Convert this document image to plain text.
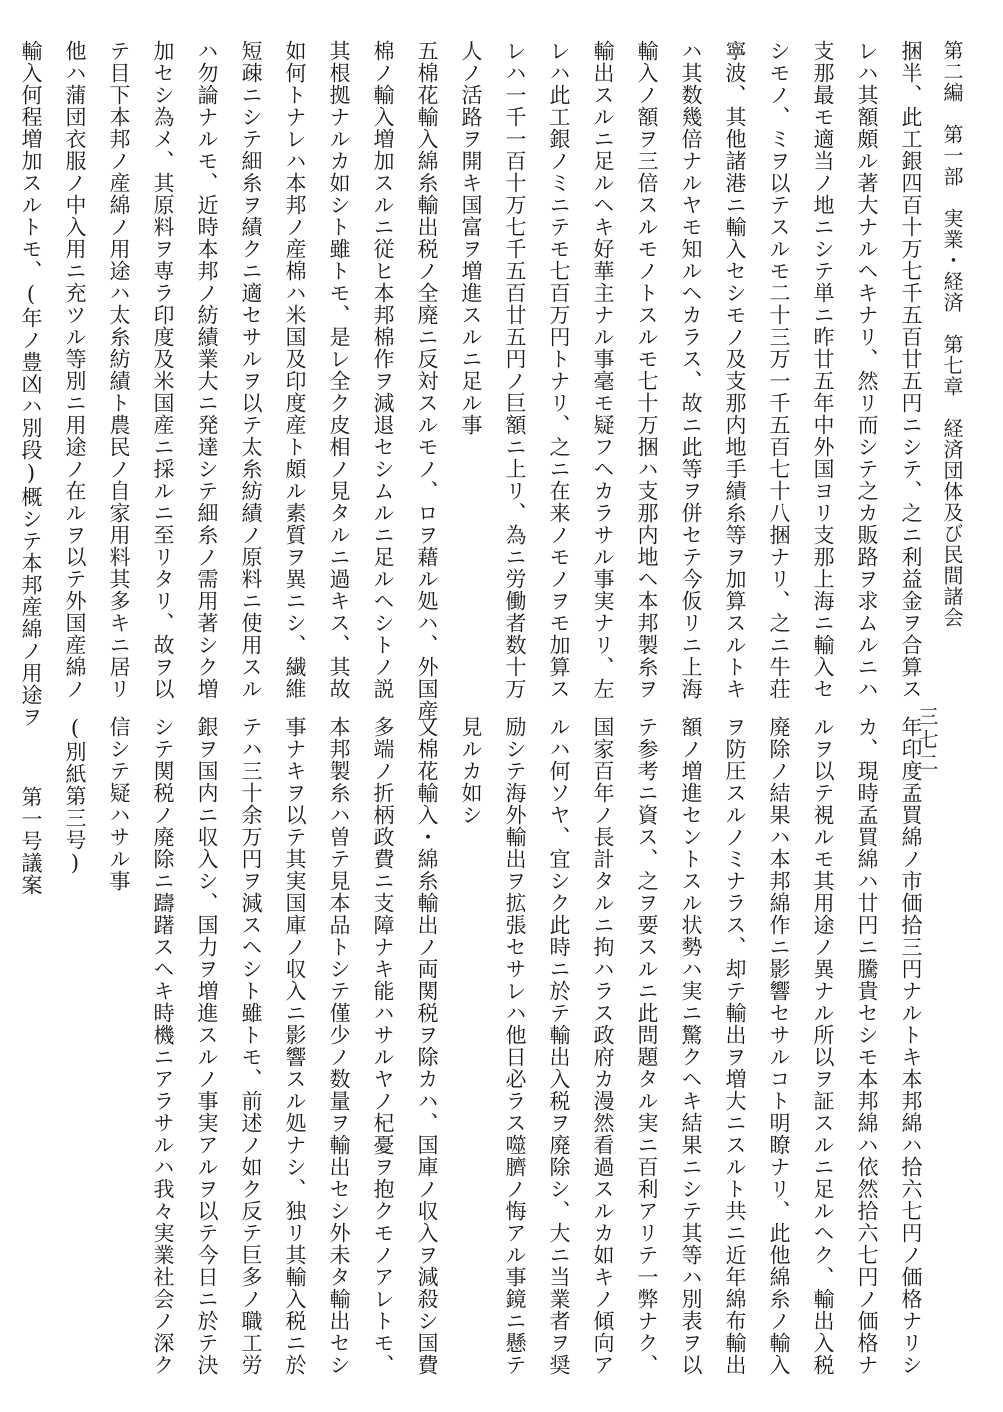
第二編　第一部　実業・経済　第七章　経済団体及び民間諸会
三七二
捆半、此工銀四百十万七千五百廿五円ニシテ、之ニ利益金ヲ合算ス
レハ其額頗ル著大ナルヘキナリ、然リ而シテ之カ販路ヲ求ムルニハ
支那最モ適当ノ地ニシテ単ニ昨廿五年中外国ヨリ支那上海ニ輸入セ
シモノ、ミヲ以テスルモ二十三万一千五百七十八捆ナリ、之ニ牛荘
寧波、其他諸港ニ輸入セシモノ及支那内地手績糸等ヲ加算スルトキ
ハ其数幾倍ナルヤモ知ルヘカラス、故ニ此等ヲ併セテ今仮リニ上海
輸入ノ額ヲ三倍スルモノトスルモ七十万捆ハ支那内地ヘ本邦製糸ヲ
輸出スルニ足ルヘキ好華主ナル事毫モ疑フヘカラサル事実ナリ、左
レハ此工銀ノミニテモ七百万円トナリ、之ニ在来ノモノヲモ加算ス
レハ一千一百十万七千五百廿五円ノ巨額ニ上リ、為ニ労働者数十万
人ノ活路ヲ開キ国富ヲ増進スルニ足ル事
五棉花輸入綿糸輸出税ノ全廃ニ反対スルモノ、ロヲ藉ル処ハ、外国産
棉ノ輸入増加スルニ従ヒ本邦棉作ヲ減退セシムルニ足ルヘシトノ説
其根拠ナルカ如シト雖トモ、是レ全ク皮相ノ見タルニ過キス、其故
如何トナレハ本邦ノ産棉ハ米国及印度産ト頗ル素質ヲ異ニシ、繊維
短疎ニシテ細糸ヲ績クニ適セサルヲ以テ太糸紡績ノ原料ニ使用スル
ハ勿論ナルモ、近時本邦ノ紡績業大ニ発達シテ細糸ノ需用著シク増
加セシ為メ、其原料ヲ専ラ印度及米国産ニ採ルニ至リタリ、故ヲ以
テ目下本邦ノ産綿ノ用途ハ太糸紡績ト農民ノ自家用料其多キニ居リ
他ハ蒲団衣服ノ中入用ニ充ツル等別ニ用途ノ在ルヲ以テ外国産綿ノ
輸入何程増加スルトモ、(年ノ豊凶ハ別段)概シテ本邦産綿ノ用途ヲ
年印度孟買綿ノ市価拾三円ナルトキ本邦綿ハ拾六七円ノ価格ナリシ
カ、現時孟買綿ハ廿円ニ騰貴セシモ本邦綿ハ依然拾六七円ノ価格ナ
ルヲ以テ視ルモ其用途ノ異ナル所以ヲ証スルニ足ルヘク、輸出入税
廃除ノ結果ハ本邦綿作ニ影響セサルコト明瞭ナリ、此他綿糸ノ輸入
ヲ防圧スルノミナラス、却テ輸出ヲ増大ニスルト共ニ近年綿布輸出
額ノ増進セントスル状勢ハ実ニ驚クヘキ結果ニシテ其等ハ別表ヲ以
テ参考ニ資ス、之ヲ要スルニ此問題タル実ニ百利アリテ一弊ナク、
国家百年ノ長計タルニ拘ハラス政府カ漫然看過スルカ如キノ傾向ア
ルハ何ソヤ、宜シク此時ニ於テ輸出入税ヲ廃除シ、大ニ当業者ヲ奨
励シテ海外輸出ヲ拡張セサレハ他日必ラス噬臍ノ悔アル事鏡ニ懸テ
見ルカ如シ
又棉花輸入・綿糸輸出ノ両関税ヲ除カハ、国庫ノ収入ヲ減殺シ国費
多端ノ折柄政費ニ支障ナキ能ハサルヤノ杞憂ヲ抱クモノアレトモ、
本邦製糸ハ曽テ見本品トシテ僅少ノ数量ヲ輸出セシ外未タ輸出セシ
事ナキヲ以テ其実国庫ノ収入ニ影響スル処ナシ、独リ其輸入税ニ於
テハ三十余万円ヲ減スヘシト雖トモ、前述ノ如ク反テ巨多ノ職工労
銀ヲ国内ニ収入シ、国力ヲ増進スルノ事実アルヲ以テ今日ニ於テ決
シテ関税ノ廃除ニ躊躇スヘキ時機ニアラサルハ我々実業社会ノ深ク
信シテ疑ハサル事
(別紙第三号)
第一号議案
